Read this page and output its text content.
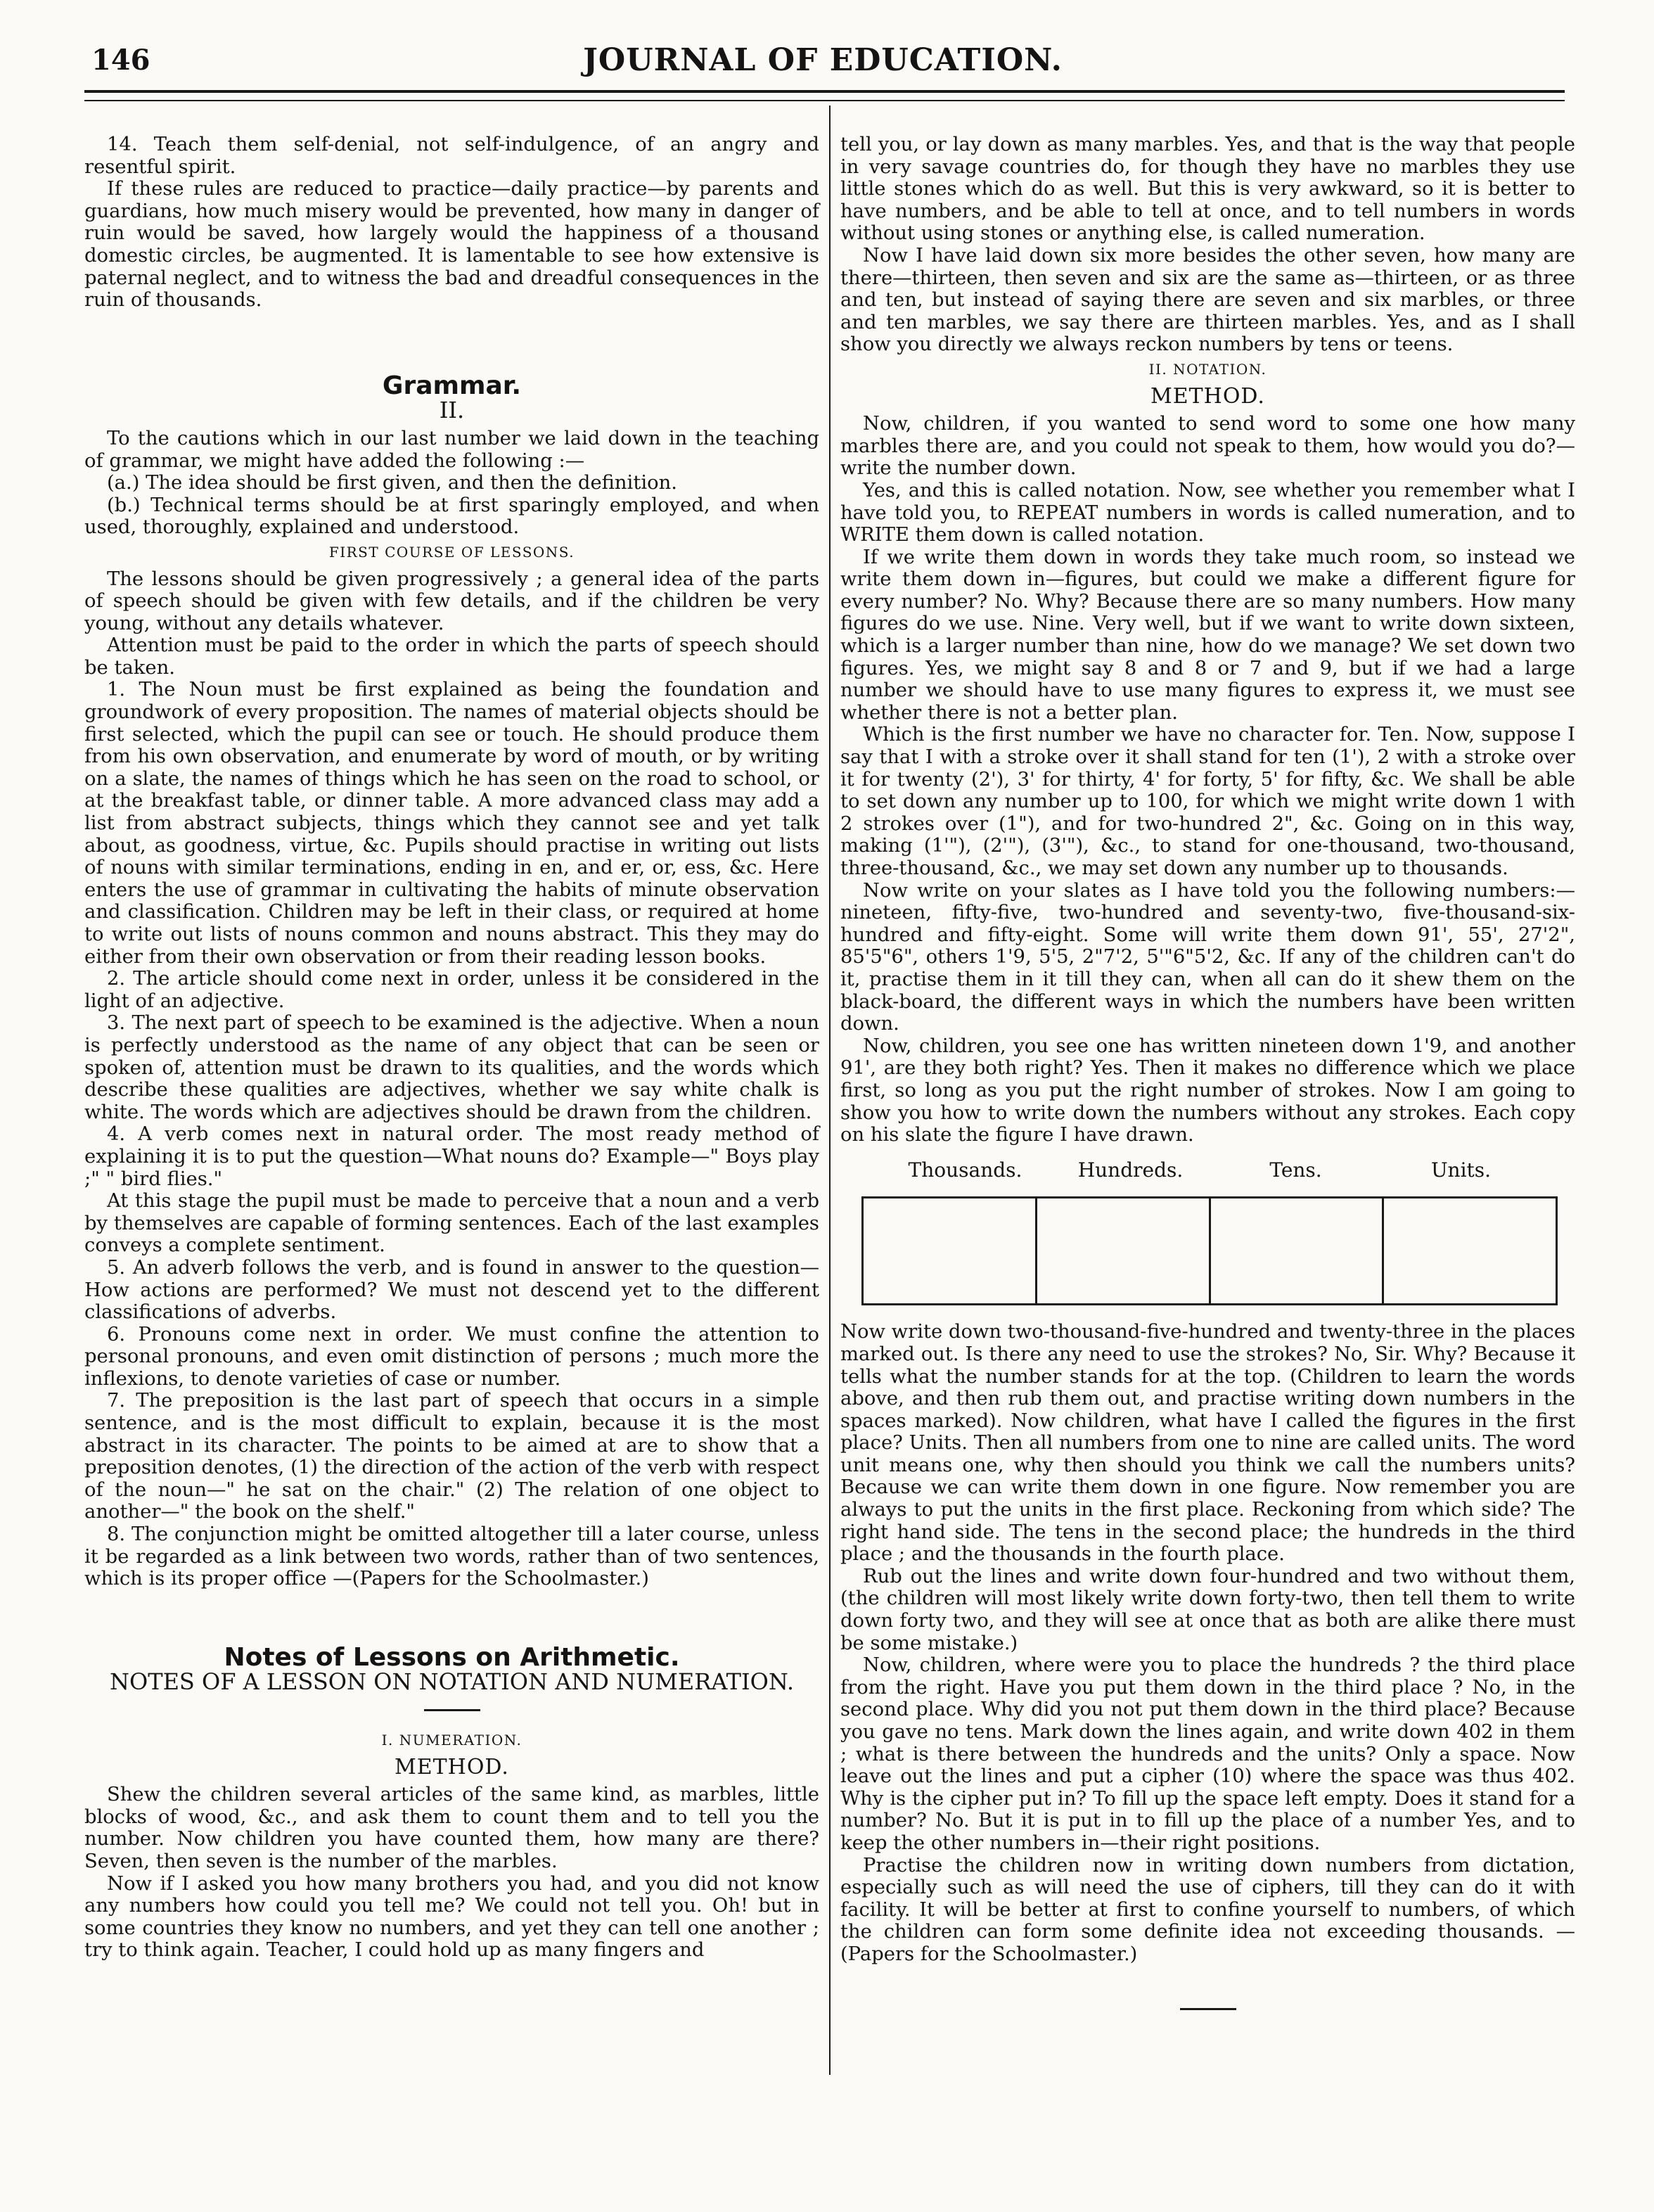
146	JOURNAL OF EDUCATION.

14. Teach them self-denial, not self-indulgence, of an angry and resentful spirit.

If these rules are reduced to practice—daily practice—by parents and guardians, how much misery would be prevented, how many in danger of ruin would be saved, how largely would the happiness of a thousand domestic circles, be augmented. It is lamentable to see how extensive is paternal neglect, and to witness the bad and dreadful consequences in the ruin of thousands.

Grammar.
II.

To the cautions which in our last number we laid down in the teaching of grammar, we might have added the following :—

(a.) The idea should be first given, and then the definition.

(b.) Technical terms should be at first sparingly employed, and when used, thoroughly, explained and understood.

FIRST COURSE OF LESSONS.

The lessons should be given progressively ; a general idea of the parts of speech should be given with few details, and if the children be very young, without any details whatever.

Attention must be paid to the order in which the parts of speech should be taken.

1. The Noun must be first explained as being the foundation and groundwork of every proposition. The names of material objects should be first selected, which the pupil can see or touch. He should produce them from his own observation, and enumerate by word of mouth, or by writing on a slate, the names of things which he has seen on the road to school, or at the breakfast table, or dinner table. A more advanced class may add a list from abstract subjects, things which they cannot see and yet talk about, as goodness, virtue, &c. Pupils should practise in writing out lists of nouns with similar terminations, ending in en, and er, or, ess, &c. Here enters the use of grammar in cultivating the habits of minute observation and classification. Children may be left in their class, or required at home to write out lists of nouns common and nouns abstract. This they may do either from their own observation or from their reading lesson books.

2. The article should come next in order, unless it be considered in the light of an adjective.

3. The next part of speech to be examined is the adjective. When a noun is perfectly understood as the name of any object that can be seen or spoken of, attention must be drawn to its qualities, and the words which describe these qualities are adjectives, whether we say white chalk is white. The words which are adjectives should be drawn from the children.

4. A verb comes next in natural order. The most ready method of explaining it is to put the question—What nouns do? Example—" Boys play ;" " bird flies."

At this stage the pupil must be made to perceive that a noun and a verb by themselves are capable of forming sentences. Each of the last examples conveys a complete sentiment.

5. An adverb follows the verb, and is found in answer to the question—How actions are performed? We must not descend yet to the different classifications of adverbs.

6. Pronouns come next in order. We must confine the attention to personal pronouns, and even omit distinction of persons ; much more the inflexions, to denote varieties of case or number.

7. The preposition is the last part of speech that occurs in a simple sentence, and is the most difficult to explain, because it is the most abstract in its character. The points to be aimed at are to show that a preposition denotes, (1) the direction of the action of the verb with respect of the noun—" he sat on the chair." (2) The relation of one object to another—" the book on the shelf."

8. The conjunction might be omitted altogether till a later course, unless it be regarded as a link between two words, rather than of two sentences, which is its proper office —(Papers for the Schoolmaster.)

Notes of Lessons on Arithmetic.
NOTES OF A LESSON ON NOTATION AND NUMERATION.
I. NUMERATION.
METHOD.

Shew the children several articles of the same kind, as marbles, little blocks of wood, &c., and ask them to count them and to tell you the number. Now children you have counted them, how many are there? Seven, then seven is the number of the marbles.

Now if I asked you how many brothers you had, and you did not know any numbers how could you tell me? We could not tell you. Oh! but in some countries they know no numbers, and yet they can tell one another ; try to think again. Teacher, I could hold up as many fingers and

tell you, or lay down as many marbles. Yes, and that is the way that people in very savage countries do, for though they have no marbles they use little stones which do as well. But this is very awkward, so it is better to have numbers, and be able to tell at once, and to tell numbers in words without using stones or anything else, is called numeration.

Now I have laid down six more besides the other seven, how many are there—thirteen, then seven and six are the same as—thirteen, or as three and ten, but instead of saying there are seven and six marbles, or three and ten marbles, we say there are thirteen marbles. Yes, and as I shall show you directly we always reckon numbers by tens or teens.

II. NOTATION.
METHOD.

Now, children, if you wanted to send word to some one how many marbles there are, and you could not speak to them, how would you do?—write the number down.

Yes, and this is called notation. Now, see whether you remember what I have told you, to REPEAT numbers in words is called numeration, and to WRITE them down is called notation.

If we write them down in words they take much room, so instead we write them down in—figures, but could we make a different figure for every number? No. Why? Because there are so many numbers. How many figures do we use. Nine. Very well, but if we want to write down sixteen, which is a larger number than nine, how do we manage? We set down two figures. Yes, we might say 8 and 8 or 7 and 9, but if we had a large number we should have to use many figures to express it, we must see whether there is not a better plan.

Which is the first number we have no character for. Ten. Now, suppose I say that I with a stroke over it shall stand for ten (1'), 2 with a stroke over it for twenty (2'), 3' for thirty, 4' for forty, 5' for fifty, &c. We shall be able to set down any number up to 100, for which we might write down 1 with 2 strokes over (1"), and for two-hundred 2", &c. Going on in this way, making (1'"), (2'"), (3'"), &c., to stand for one-thousand, two-thousand, three-thousand, &c., we may set down any number up to thousands.

Now write on your slates as I have told you the following numbers:—nineteen, fifty-five, two-hundred and seventy-two, five-thousand-six-hundred and fifty-eight. Some will write them down 91', 55', 27'2", 85'5"6", others 1'9, 5'5, 2"7'2, 5'"6"5'2, &c. If any of the children can't do it, practise them in it till they can, when all can do it shew them on the black-board, the different ways in which the numbers have been written down.

Now, children, you see one has written nineteen down 1'9, and another 91', are they both right? Yes. Then it makes no difference which we place first, so long as you put the right number of strokes. Now I am going to show you how to write down the numbers without any strokes. Each copy on his slate the figure I have drawn.

Thousands.	Hundreds.	Tens.	Units.

Now write down two-thousand-five-hundred and twenty-three in the places marked out. Is there any need to use the strokes? No, Sir. Why? Because it tells what the number stands for at the top. (Children to learn the words above, and then rub them out, and practise writing down numbers in the spaces marked). Now children, what have I called the figures in the first place? Units. Then all numbers from one to nine are called units. The word unit means one, why then should you think we call the numbers units? Because we can write them down in one figure. Now remember you are always to put the units in the first place. Reckoning from which side? The right hand side. The tens in the second place; the hundreds in the third place ; and the thousands in the fourth place.

Rub out the lines and write down four-hundred and two without them, (the children will most likely write down forty-two, then tell them to write down forty two, and they will see at once that as both are alike there must be some mistake.)

Now, children, where were you to place the hundreds ? the third place from the right. Have you put them down in the third place ? No, in the second place. Why did you not put them down in the third place? Because you gave no tens. Mark down the lines again, and write down 402 in them ; what is there between the hundreds and the units? Only a space. Now leave out the lines and put a cipher (10) where the space was thus 402. Why is the cipher put in? To fill up the space left empty. Does it stand for a number? No. But it is put in to fill up the place of a number Yes, and to keep the other numbers in—their right positions.

Practise the children now in writing down numbers from dictation, especially such as will need the use of ciphers, till they can do it with facility. It will be better at first to confine yourself to numbers, of which the children can form some definite idea not exceeding thousands. —(Papers for the Schoolmaster.)
